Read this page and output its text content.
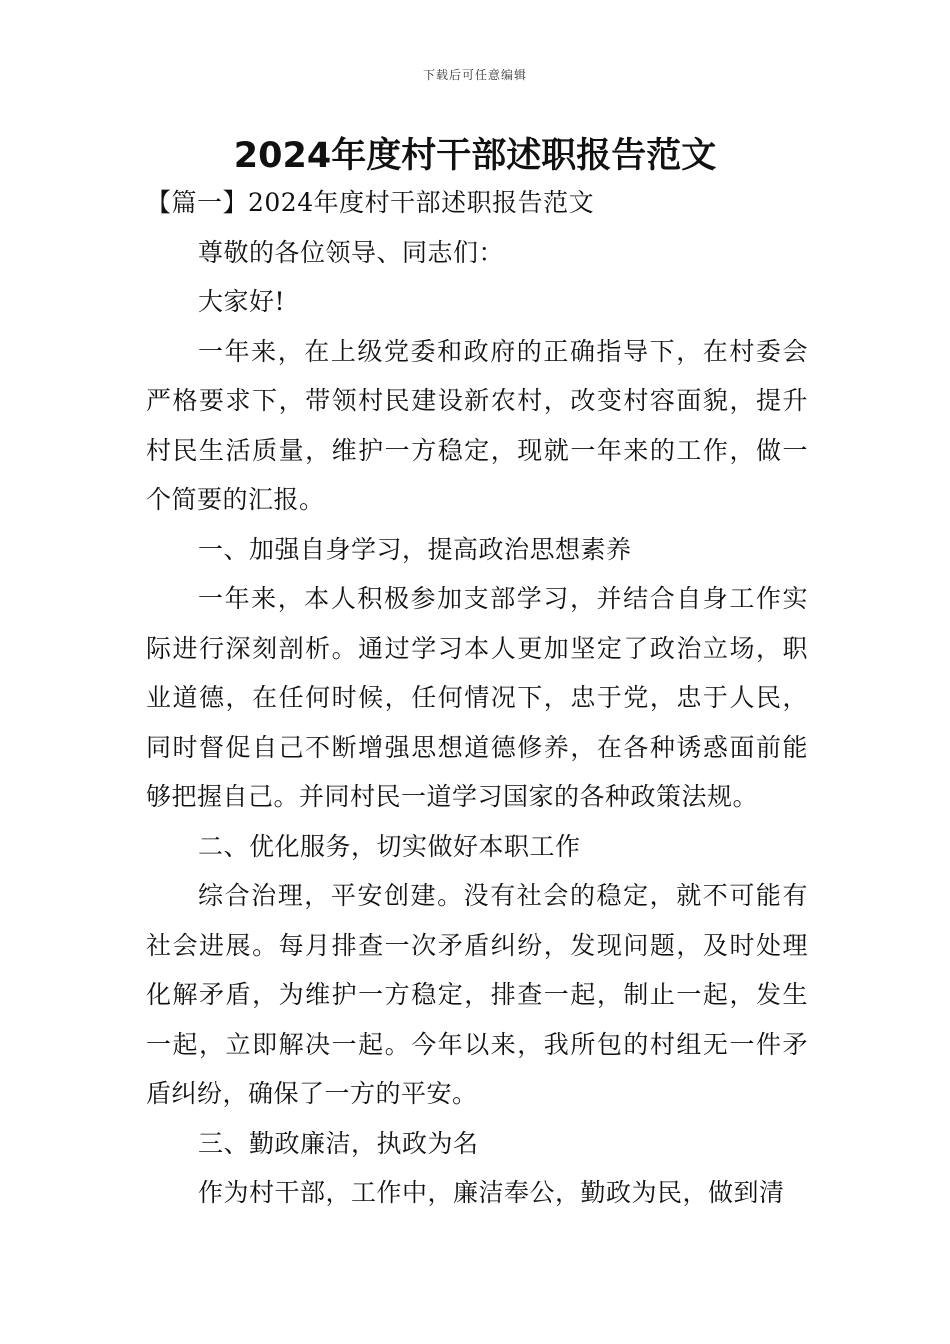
下载后可任意编辑
2024年度村干部述职报告范文

【篇一】2024年度村干部述职报告范文

尊敬的各位领导、同志们：

大家好!

一年来，在上级党委和政府的正确指导下，在村委会严格要求下，带领村民建设新农村，改变村容面貌，提升村民生活质量，维护一方稳定，现就一年来的工作，做一个简要的汇报。

一、加强自身学习，提高政治思想素养

一年来，本人积极参加支部学习，并结合自身工作实际进行深刻剖析。通过学习本人更加坚定了政治立场，职业道德，在任何时候，任何情况下，忠于党，忠于人民，同时督促自己不断增强思想道德修养，在各种诱惑面前能够把握自己。并同村民一道学习国家的各种政策法规。

二、优化服务，切实做好本职工作

综合治理，平安创建。没有社会的稳定，就不可能有社会进展。每月排查一次矛盾纠纷，发现问题，及时处理化解矛盾，为维护一方稳定，排查一起，制止一起，发生一起，立即解决一起。今年以来，我所包的村组无一件矛盾纠纷，确保了一方的平安。

三、勤政廉洁，执政为名

作为村干部，工作中，廉洁奉公，勤政为民，做到清
